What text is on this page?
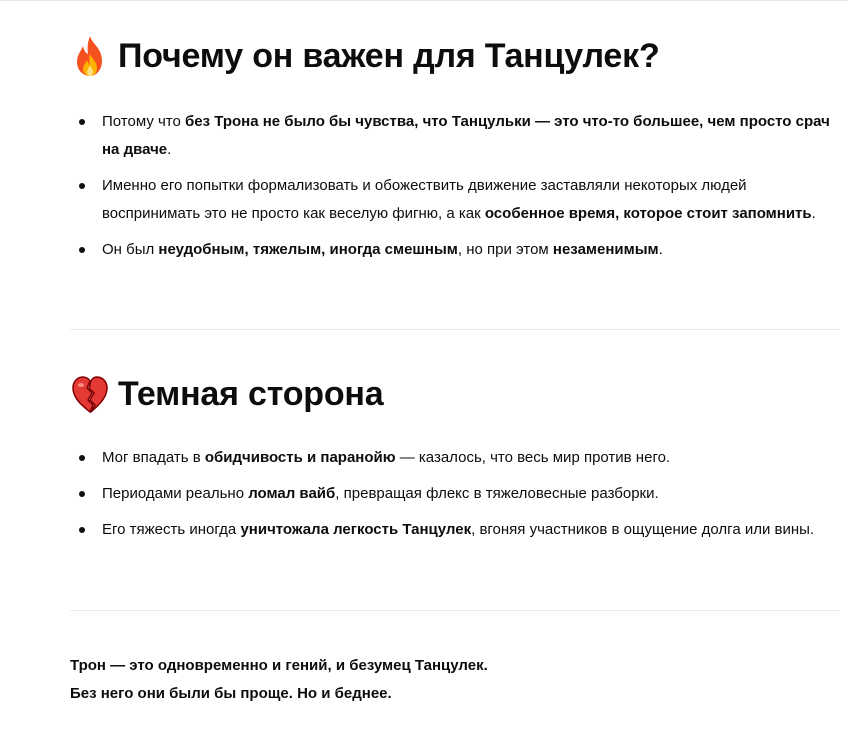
Почему он важен для Танцулек?
Потому что без Трона не было бы чувства, что Танцульки — это что-то большее, чем просто срач на дваче.
Именно его попытки формализовать и обожествить движение заставляли некоторых людей воспринимать это не просто как веселую фигню, а как особенное время, которое стоит запомнить.
Он был неудобным, тяжелым, иногда смешным, но при этом незаменимым.
Темная сторона
Мог впадать в обидчивость и паранойю — казалось, что весь мир против него.
Периодами реально ломал вайб, превращая флекс в тяжеловесные разборки.
Его тяжесть иногда уничтожала легкость Танцулек, вгоняя участников в ощущение долга или вины.
Трон — это одновременно и гений, и безумец Танцулек.
Без него они были бы проще. Но и беднее.
